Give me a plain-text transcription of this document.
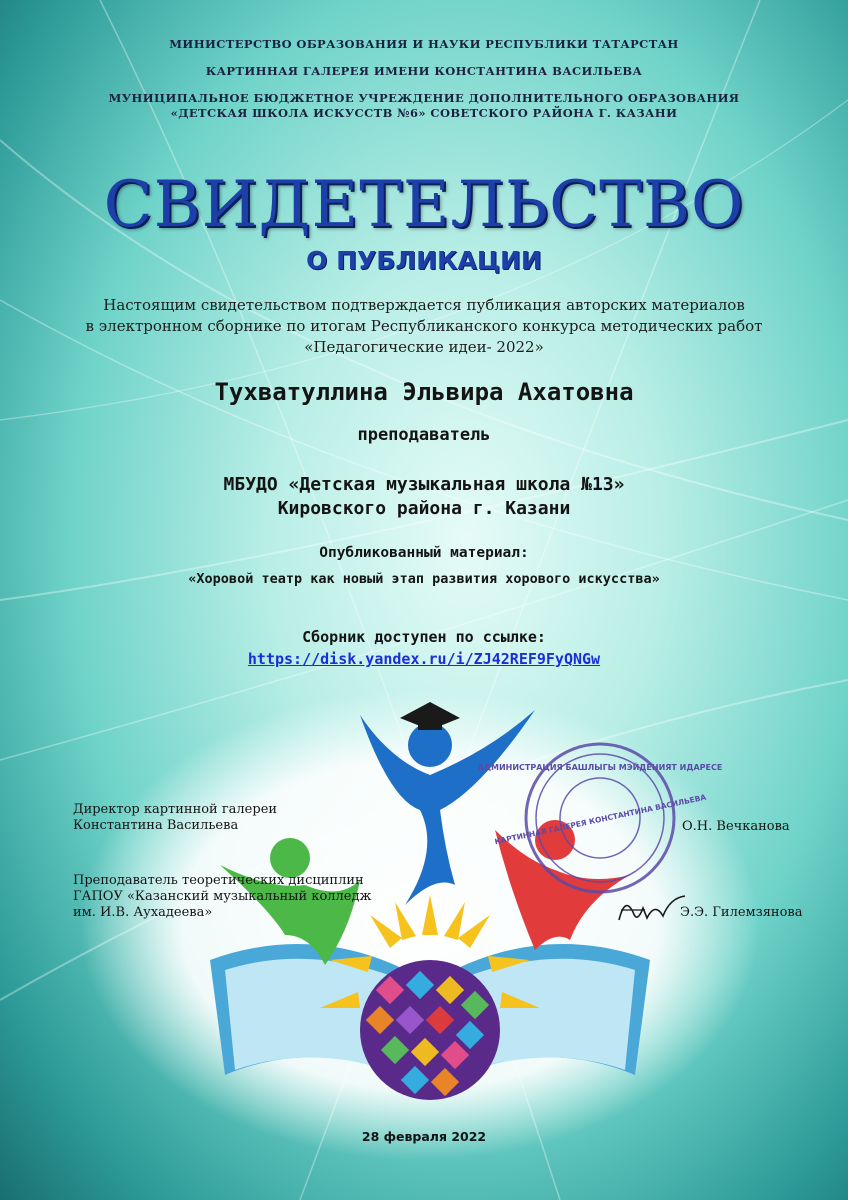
МИНИСТЕРСТВО ОБРАЗОВАНИЯ И НАУКИ РЕСПУБЛИКИ ТАТАРСТАН
КАРТИННАЯ ГАЛЕРЕЯ ИМЕНИ КОНСТАНТИНА ВАСИЛЬЕВА
МУНИЦИПАЛЬНОЕ БЮДЖЕТНОЕ УЧРЕЖДЕНИЕ ДОПОЛНИТЕЛЬНОГО ОБРАЗОВАНИЯ
«ДЕТСКАЯ ШКОЛА ИСКУССТВ №6» СОВЕТСКОГО РАЙОНА Г. КАЗАНИ
СВИДЕТЕЛЬСТВО
О ПУБЛИКАЦИИ
Настоящим свидетельством подтверждается публикация авторских материалов
в электронном сборнике по итогам Республиканского конкурса методических работ
«Педагогические идеи- 2022»
Тухватуллина Эльвира Ахатовна
преподаватель
МБУДО «Детская музыкальная школа №13»
Кировского района г. Казани
Опубликованный материал:
«Хоровой театр как новый этап развития хорового искусства»
Сборник доступен по ссылке:
https://disk.yandex.ru/i/ZJ42REF9FyQNGw
АДМИНИСТРАЦИЯ БАШЛЫГЫ МЭЙДЕНИЯТ ИДАРЕСЕ
КАРТИННАЯ ГАЛЕРЕЯ КОНСТАНТИНА ВАСИЛЬЕВА
Директор картинной галереи
Константина Васильева	О.Н. Вечканова
Преподаватель теоретических дисциплин
ГАПОУ «Казанский музыкальный колледж
им. И.В. Аухадеева»	Э.Э. Гилемзянова
28 февраля 2022
